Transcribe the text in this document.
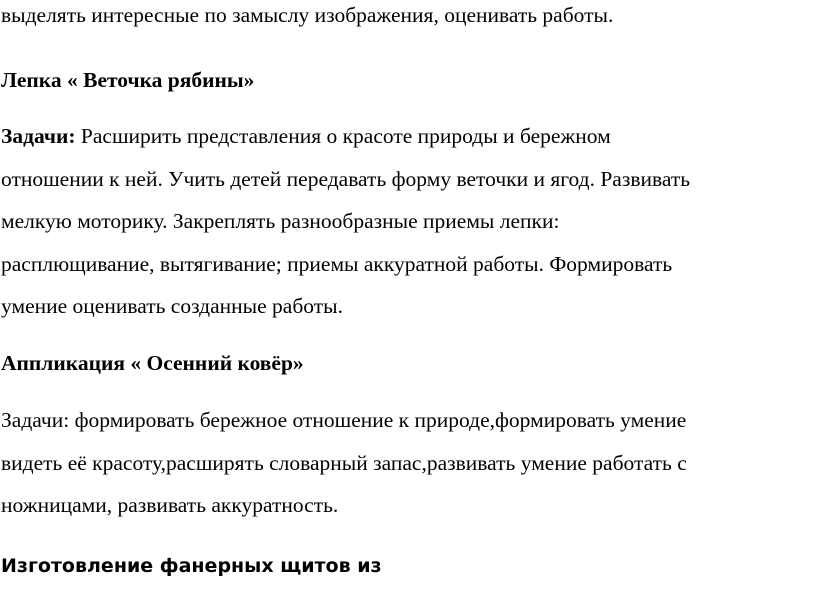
выделять интересные по замыслу изображения, оценивать работы.
Лепка « Веточка рябины»
Задачи: Расширить представления о красоте природы и бережном
отношении к ней. Учить детей передавать форму веточки и ягод. Развивать
мелкую моторику. Закреплять разнообразные приемы лепки:
расплющивание, вытягивание; приемы аккуратной работы. Формировать
умение оценивать созданные работы.
Аппликация « Осенний ковёр»
Задачи: формировать бережное отношение к природе,формировать умение
видеть её красоту,расширять словарный запас,развивать умение работать с
ножницами, развивать аккуратность.
Изготовление фанерных щитов из
